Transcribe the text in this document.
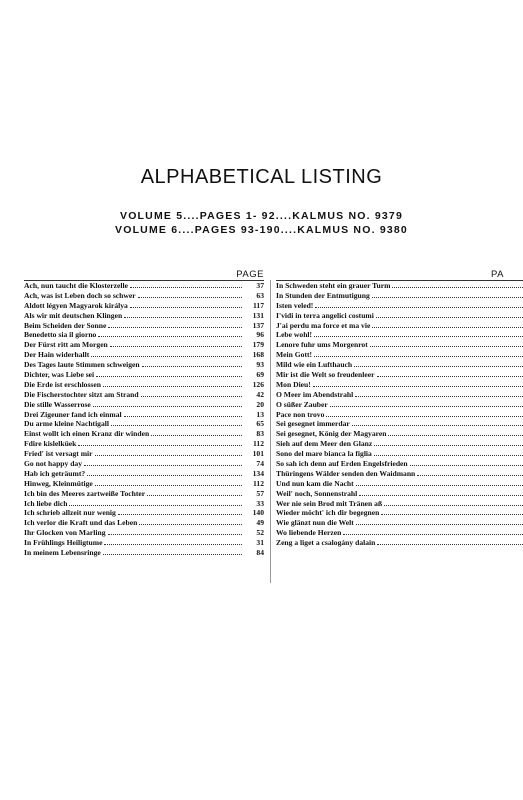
ALPHABETICAL LISTING
VOLUME 5....PAGES 1- 92....KALMUS NO. 9379
VOLUME 6....PAGES 93-190....KALMUS NO. 9380
PAGE
Ach, nun taucht die Klosterzelle	37
Ach, was ist Leben doch so schwer	63
Aldott légyen Magyarok királya	117
Als wir mit deutschen Klingen	131
Beim Scheiden der Sonne	137
Benedetto sia il giorno	96
Der Fürst ritt am Morgen	179
Der Hain widerhallt	168
Des Tages laute Stimmen schweigen	93
Dichter, was Liebe sei	69
Die Erde ist erschlossen	126
Die Fischerstochter sitzt am Strand	42
Die stille Wasserrose	20
Drei Zigeuner fand ich einmal	13
Du arme kleine Nachtigall	65
Einst wollt ich einen Kranz dir winden	83
Fdire kislelküek	112
Fried' ist versagt mir	101
Go not happy day	74
Hab ich geträumt?	134
Hinweg, Kleinmütige	112
Ich bin des Meeres zartweiße Tochter	57
Ich liebe dich	33
Ich schrieb allzeit nur wenig	140
Ich verlor die Kraft und das Leben	49
Ihr Glocken von Marling	52
In Frühlings Heiligtume	31
In meinem Lebensringe	84
PA
In Schweden steht ein grauer Turm
In Stunden der Entmutigung
Isten veled!
I'vidi in terra angelici costumi
J'ai perdu ma force et ma vie
Lebe wohl!
Lenore fuhr ums Morgenrot
Mein Gott!
Mild wie ein Lufthauch
Mir ist die Welt so freudenleer
Mon Dieu!
O Meer im Abendstrahl
O süßer Zauber
Pace non trovo
Sei gesegnet immerdar
Sei gesegnet, König der Magyaren
Sieh auf dem Meer den Glanz
Sono del mare bianca la figlia
So sah ich denn auf Erden Engelsfrieden
Thüringens Wälder senden den Waidmann
Und nun kam die Nacht
Weil' noch, Sonnenstrahl
Wer nie sein Brod mit Tränen aß
Wieder möcht' ich dir begegnen
Wie glänzt nun die Welt
Wo liebende Herzen
Zeng a liget a csalogány dalain
